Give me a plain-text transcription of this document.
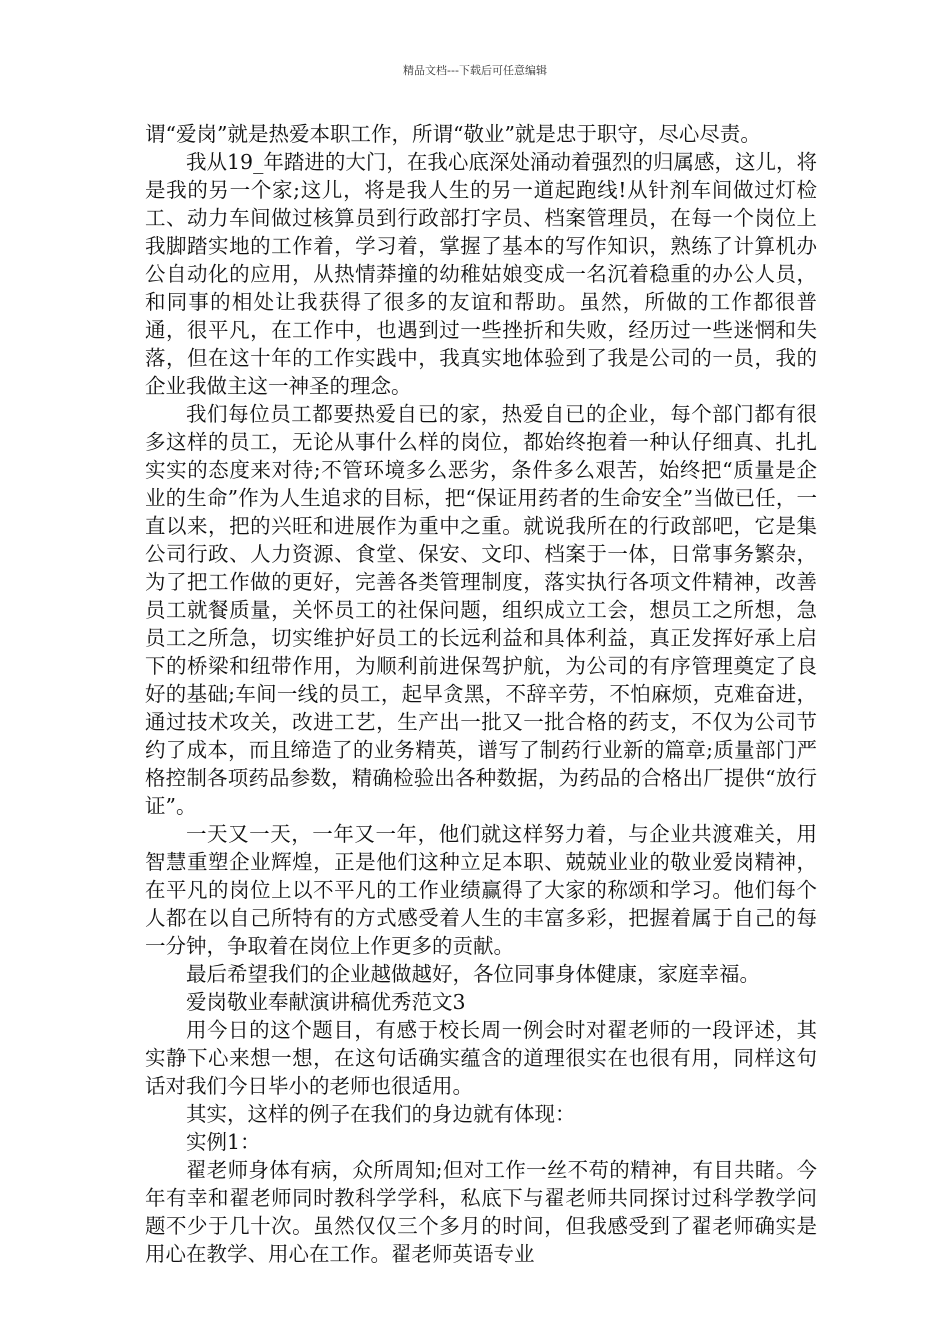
精品文档---下载后可任意编辑

谓“爱岗”就是热爱本职工作，所谓“敬业”就是忠于职守，尽心尽责。

我从19_年踏进的大门，在我心底深处涌动着强烈的归属感，这儿，将是我的另一个家;这儿，将是我人生的另一道起跑线!从针剂车间做过灯检工、动力车间做过核算员到行政部打字员、档案管理员，在每一个岗位上我脚踏实地的工作着，学习着，掌握了基本的写作知识，熟练了计算机办公自动化的应用，从热情莽撞的幼稚姑娘变成一名沉着稳重的办公人员，和同事的相处让我获得了很多的友谊和帮助。虽然，所做的工作都很普通，很平凡，在工作中，也遇到过一些挫折和失败，经历过一些迷惘和失落，但在这十年的工作实践中，我真实地体验到了我是公司的一员，我的企业我做主这一神圣的理念。

我们每位员工都要热爱自已的家，热爱自已的企业，每个部门都有很多这样的员工，无论从事什么样的岗位，都始终抱着一种认仔细真、扎扎实实的态度来对待;不管环境多么恶劣，条件多么艰苦，始终把“质量是企业的生命”作为人生追求的目标，把“保证用药者的生命安全”当做已任，一直以来，把的兴旺和进展作为重中之重。就说我所在的行政部吧，它是集公司行政、人力资源、食堂、保安、文印、档案于一体，日常事务繁杂，为了把工作做的更好，完善各类管理制度，落实执行各项文件精神，改善员工就餐质量，关怀员工的社保问题，组织成立工会，想员工之所想，急员工之所急，切实维护好员工的长远利益和具体利益，真正发挥好承上启下的桥梁和纽带作用，为顺利前进保驾护航，为公司的有序管理奠定了良好的基础;车间一线的员工，起早贪黑，不辞辛劳，不怕麻烦，克难奋进，通过技术攻关，改进工艺，生产出一批又一批合格的药支，不仅为公司节约了成本，而且缔造了的业务精英，谱写了制药行业新的篇章;质量部门严格控制各项药品参数，精确检验出各种数据，为药品的合格出厂提供“放行证”。

一天又一天，一年又一年，他们就这样努力着，与企业共渡难关，用智慧重塑企业辉煌，正是他们这种立足本职、兢兢业业的敬业爱岗精神，在平凡的岗位上以不平凡的工作业绩赢得了大家的称颂和学习。他们每个人都在以自己所特有的方式感受着人生的丰富多彩，把握着属于自己的每一分钟，争取着在岗位上作更多的贡献。

最后希望我们的企业越做越好，各位同事身体健康，家庭幸福。

爱岗敬业奉献演讲稿优秀范文3

用今日的这个题目，有感于校长周一例会时对翟老师的一段评述，其实静下心来想一想，在这句话确实蕴含的道理很实在也很有用，同样这句话对我们今日毕小的老师也很适用。

其实，这样的例子在我们的身边就有体现：

实例1：

翟老师身体有病，众所周知;但对工作一丝不苟的精神，有目共睹。今年有幸和翟老师同时教科学学科，私底下与翟老师共同探讨过科学教学问题不少于几十次。虽然仅仅三个多月的时间，但我感受到了翟老师确实是用心在教学、用心在工作。翟老师英语专业
